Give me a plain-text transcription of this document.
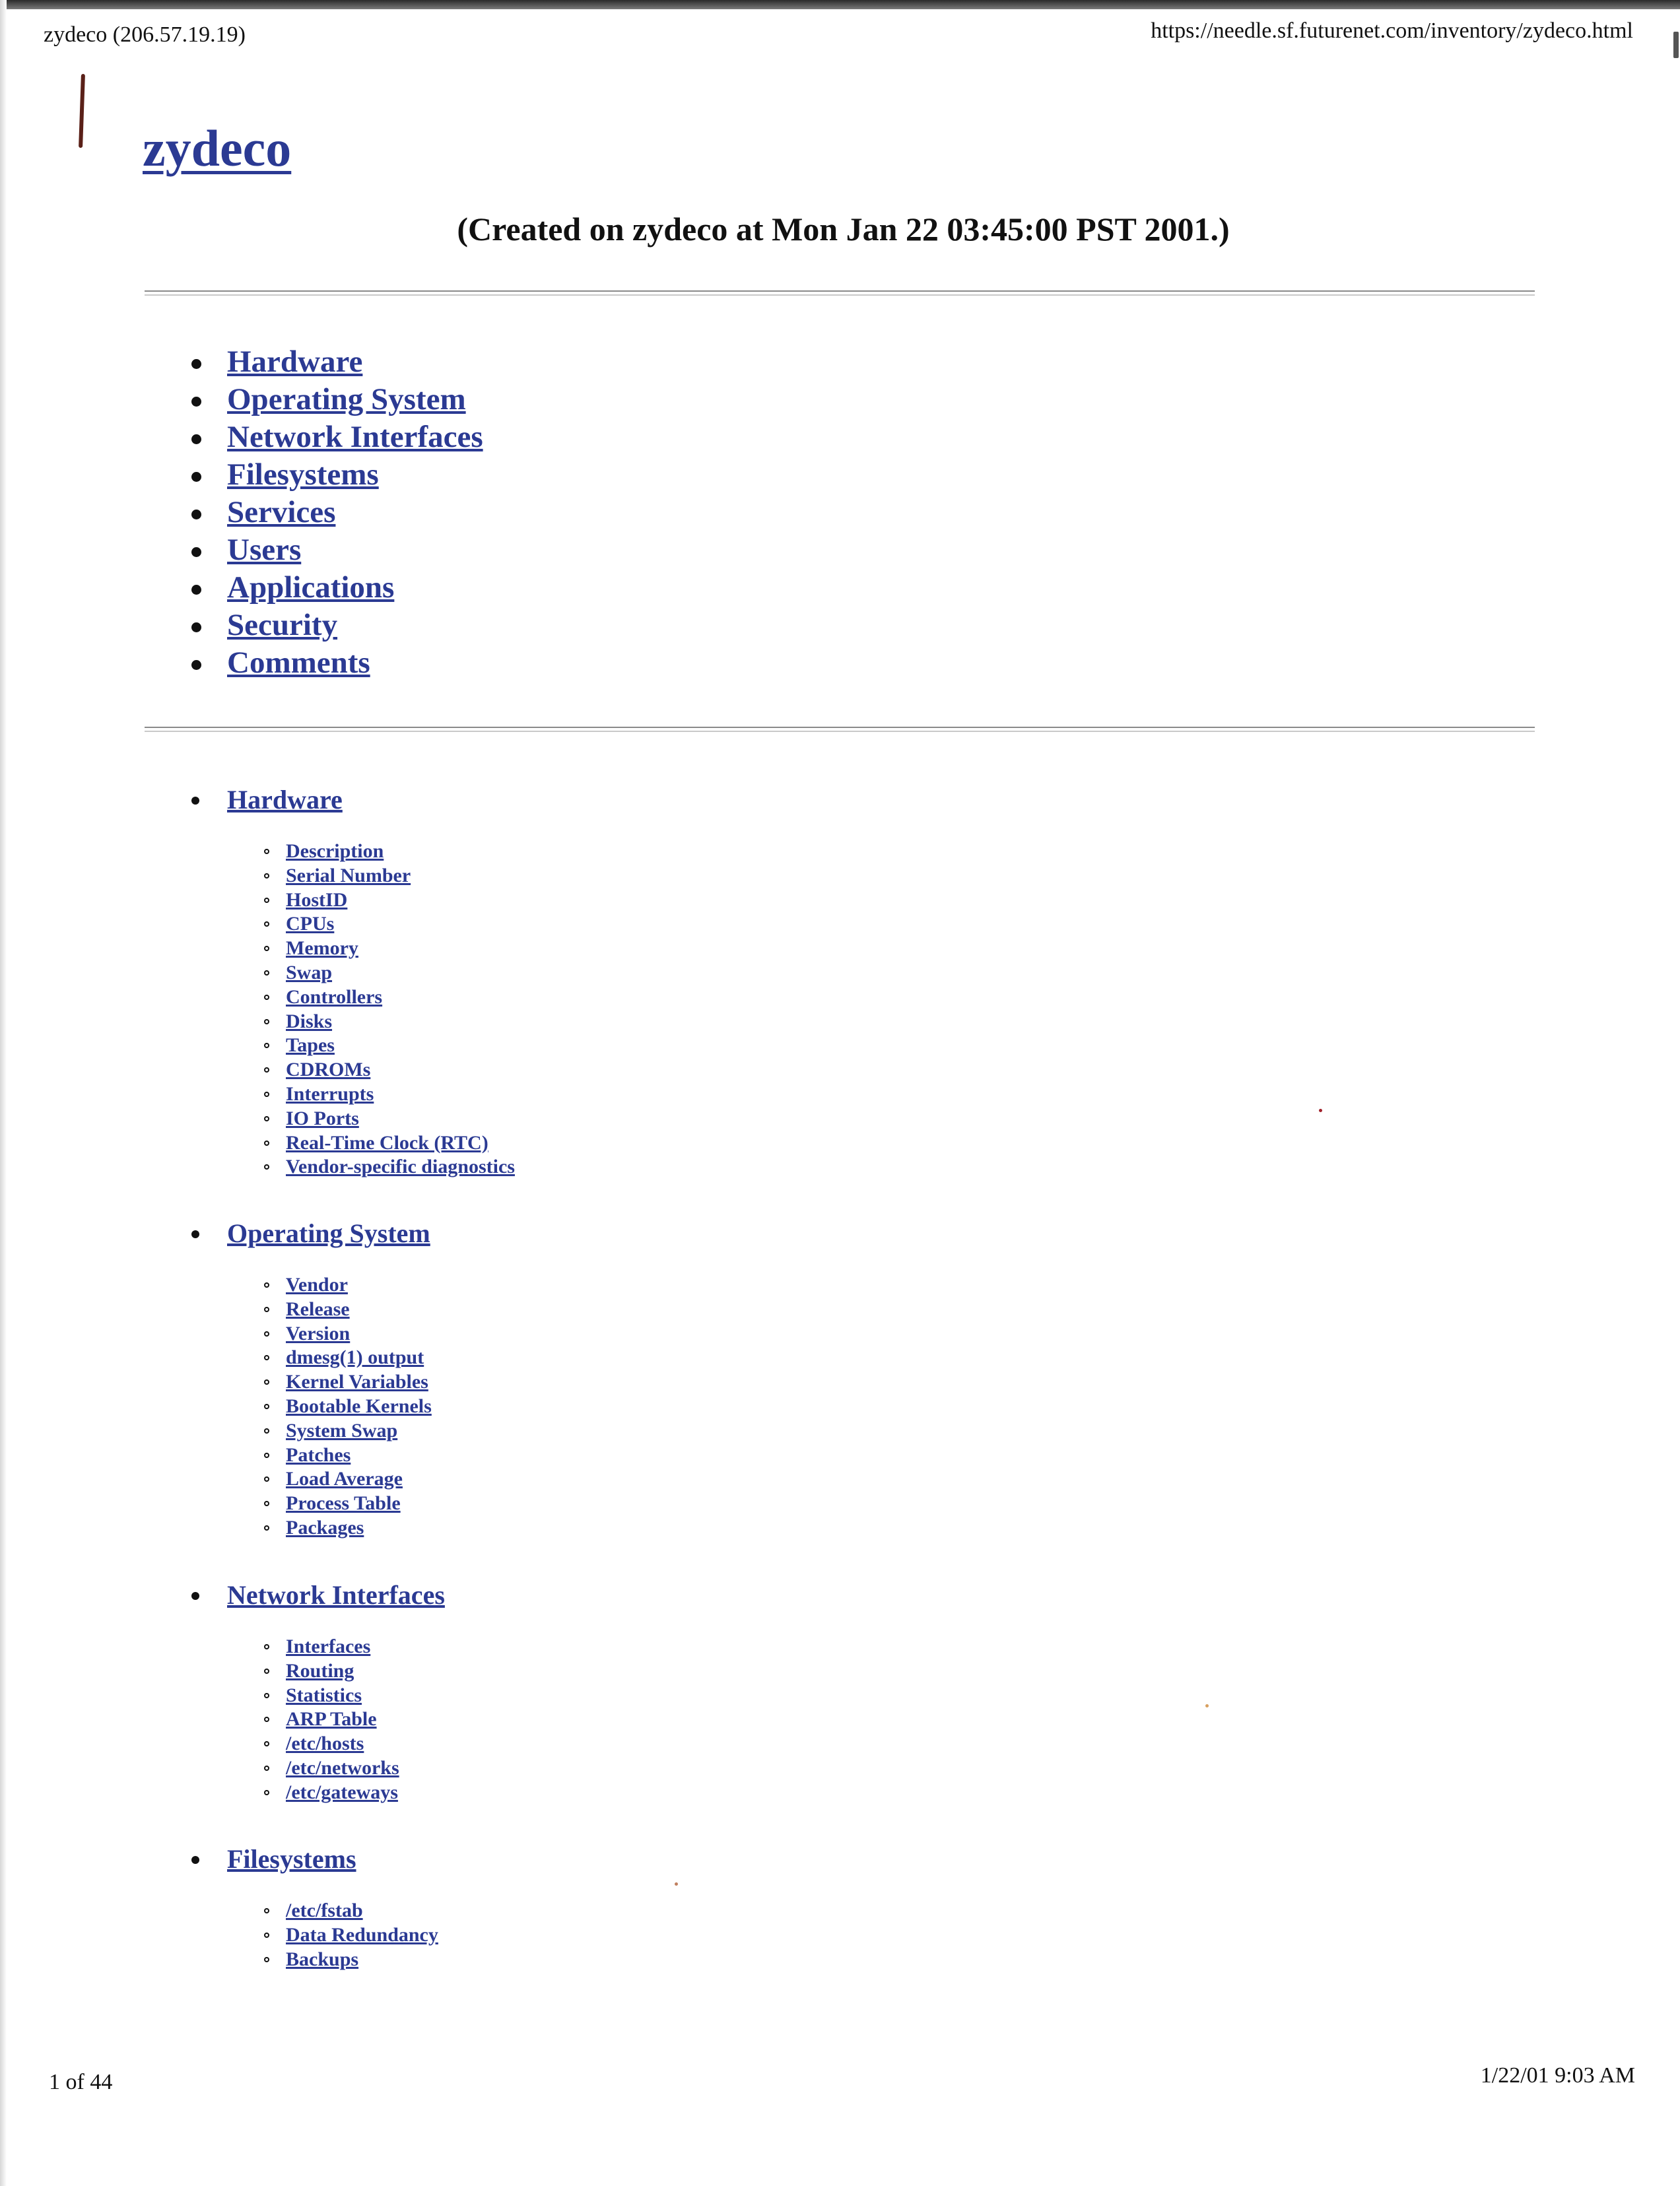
zydeco (206.57.19.19)	https://needle.sf.futurenet.com/inventory/zydeco.html
zydeco
(Created on zydeco at Mon Jan 22 03:45:00 PST 2001.)
Hardware
Operating System
Network Interfaces
Filesystems
Services
Users
Applications
Security
Comments
Hardware
Description
Serial Number
HostID
CPUs
Memory
Swap
Controllers
Disks
Tapes
CDROMs
Interrupts
IO Ports
Real-Time Clock (RTC)
Vendor-specific diagnostics
Operating System
Vendor
Release
Version
dmesg(1) output
Kernel Variables
Bootable Kernels
System Swap
Patches
Load Average
Process Table
Packages
Network Interfaces
Interfaces
Routing
Statistics
ARP Table
/etc/hosts
/etc/networks
/etc/gateways
Filesystems
/etc/fstab
Data Redundancy
Backups
1 of 44	1/22/01 9:03 AM
